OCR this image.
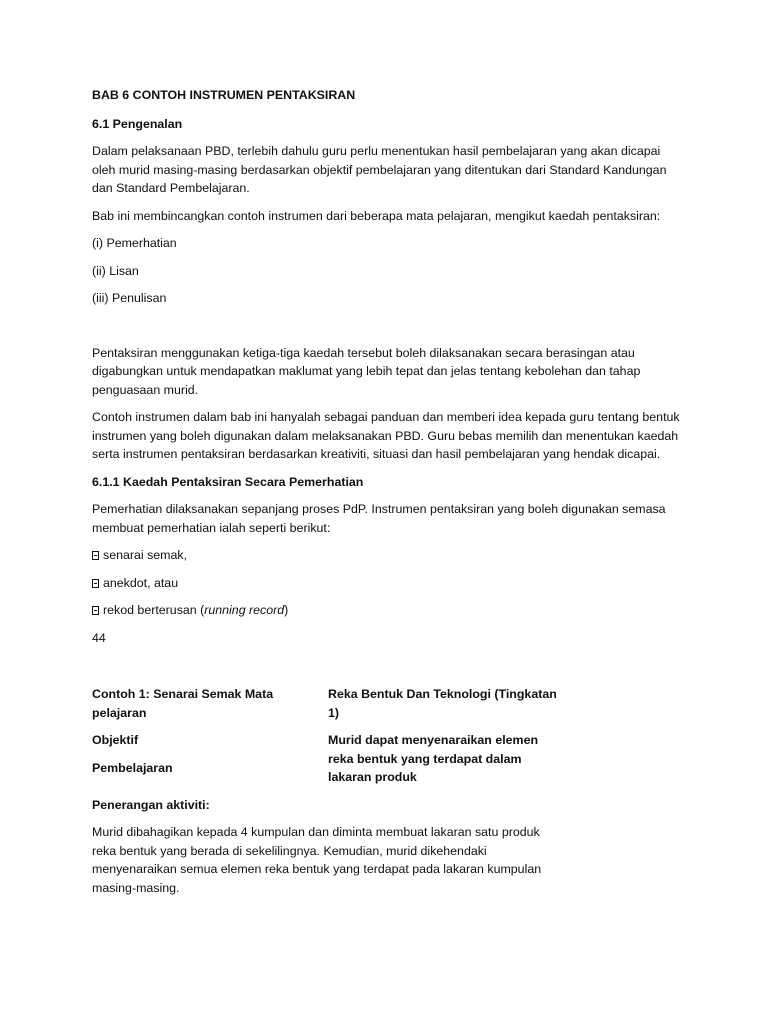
BAB 6 CONTOH INSTRUMEN PENTAKSIRAN

6.1 Pengenalan

Dalam pelaksanaan PBD, terlebih dahulu guru perlu menentukan hasil pembelajaran yang akan dicapai oleh murid masing-masing berdasarkan objektif pembelajaran yang ditentukan dari Standard Kandungan dan Standard Pembelajaran.

Bab ini membincangkan contoh instrumen dari beberapa mata pelajaran, mengikut kaedah pentaksiran:

(i) Pemerhatian

(ii) Lisan

(iii) Penulisan

Pentaksiran menggunakan ketiga-tiga kaedah tersebut boleh dilaksanakan secara berasingan atau digabungkan untuk mendapatkan maklumat yang lebih tepat dan jelas tentang kebolehan dan tahap penguasaan murid.

Contoh instrumen dalam bab ini hanyalah sebagai panduan dan memberi idea kepada guru tentang bentuk instrumen yang boleh digunakan dalam melaksanakan PBD. Guru bebas memilih dan menentukan kaedah serta instrumen pentaksiran berdasarkan kreativiti, situasi dan hasil pembelajaran yang hendak dicapai.

6.1.1 Kaedah Pentaksiran Secara Pemerhatian

Pemerhatian dilaksanakan sepanjang proses PdP. Instrumen pentaksiran yang boleh digunakan semasa membuat pemerhatian ialah seperti berikut:

senarai semak,

anekdot, atau

rekod berterusan (running record)

44

Contoh 1: Senarai Semak Mata pelajaran
Reka Bentuk Dan Teknologi (Tingkatan 1)
Objektif
Pembelajaran
Murid dapat menyenaraikan elemen reka bentuk yang terdapat dalam lakaran produk

Penerangan aktiviti:

Murid dibahagikan kepada 4 kumpulan dan diminta membuat lakaran satu produk reka bentuk yang berada di sekelilingnya. Kemudian, murid dikehendaki menyenaraikan semua elemen reka bentuk yang terdapat pada lakaran kumpulan masing-masing.
